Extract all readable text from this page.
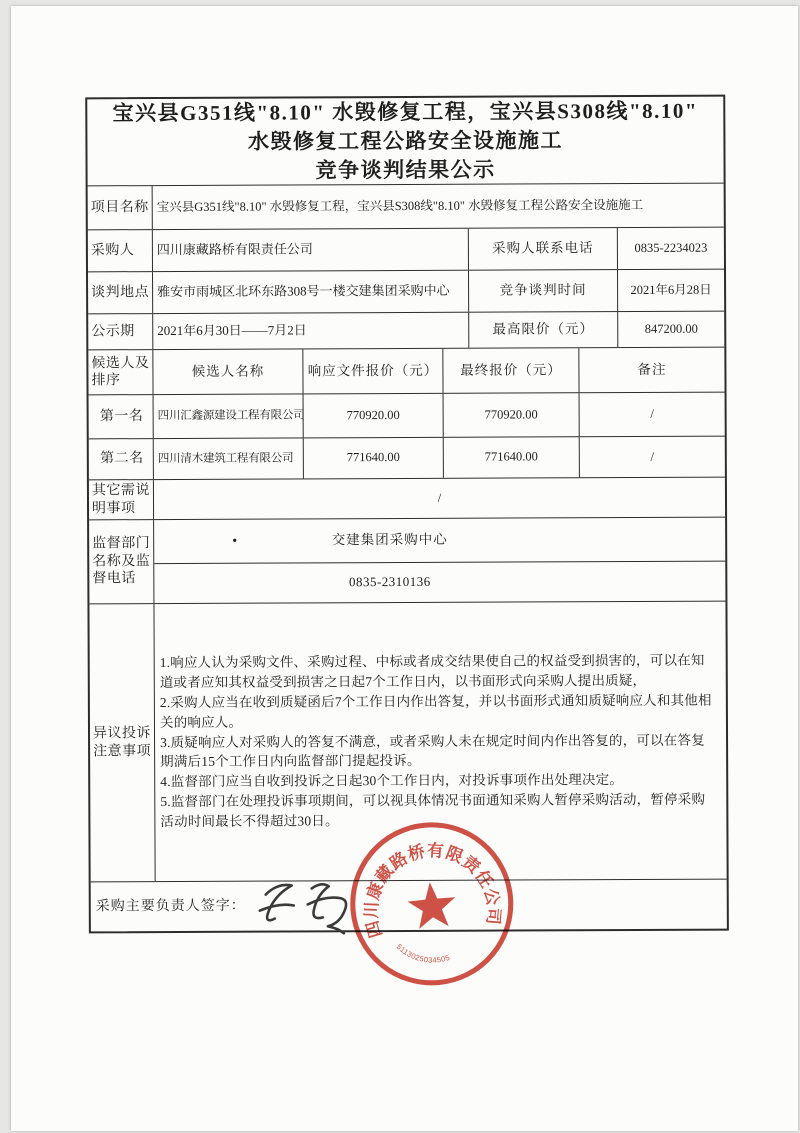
宝兴县G351线"8.10" 水毁修复工程，宝兴县S308线"8.10"
水毁修复工程公路安全设施施工
竞争谈判结果公示
项目名称 宝兴县G351线"8.10" 水毁修复工程，宝兴县S308线"8.10" 水毁修复工程公路安全设施施工
采购人	四川康藏路桥有限责任公司	采购人联系电话	0835-2234023
谈判地点 雅安市雨城区北环东路308号一楼交建集团采购中心	竞争谈判时间	2021年6月28日
公示期	2021年6月30日——7月2日	最高限价（元）	847200.00
候选人及排序
候选人名称	响应文件报价（元）	最终报价（元）	备注
第一名	四川汇鑫源建设工程有限公司	770920.00	770920.00	/
第二名	四川清木建筑工程有限公司	771640.00	771640.00	/
其它需说明事项
/
监督部门名称及监督电话
•	交建集团采购中心
0835-2310136
异议投诉注意事项
1.响应人认为采购文件、采购过程、中标或者成交结果使自己的权益受到损害的，可以在知道或者应知其权益受到损害之日起7个工作日内，以书面形式向采购人提出质疑，
2.采购人应当在收到质疑函后7个工作日内作出答复，并以书面形式通知质疑响应人和其他相关的响应人。
3.质疑响应人对采购人的答复不满意，或者采购人未在规定时间内作出答复的，可以在答复期满后15个工作日内向监督部门提起投诉。
4.监督部门应当自收到投诉之日起30个工作日内，对投诉事项作出处理决定。
5.监督部门在处理投诉事项期间，可以视具体情况书面通知采购人暂停采购活动，暂停采购活动时间最长不得超过30日。
采购主要负责人签字：
四川康藏路桥有限责任公司
5113025034505
